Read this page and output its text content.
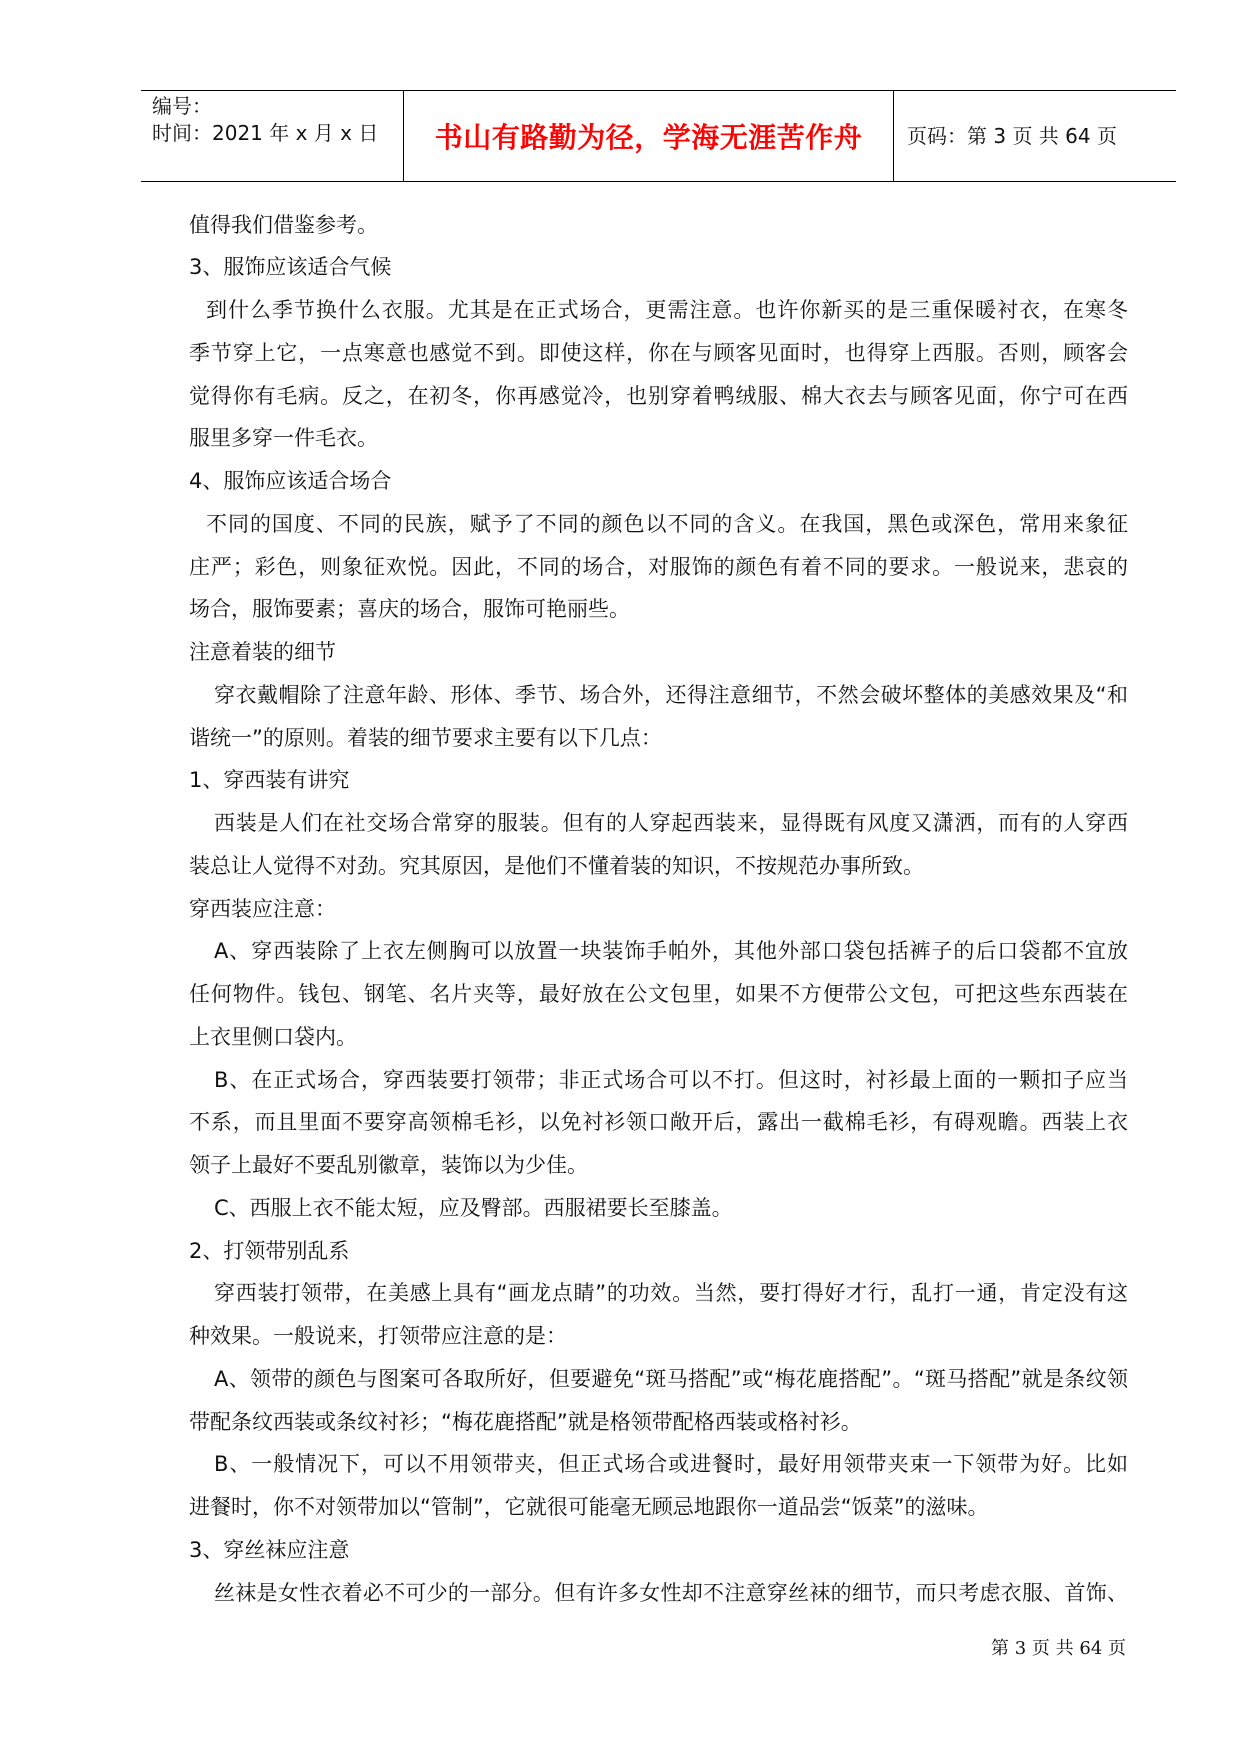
编号：
时间：2021 年 x 月 x 日 书山有路勤为径，学海无涯苦作舟 页码：第 3 页 共 64 页
值得我们借鉴参考。
3、服饰应该适合气候
到什么季节换什么衣服。尤其是在正式场合，更需注意。也许你新买的是三重保暖衬衣，在寒冬
季节穿上它，一点寒意也感觉不到。即使这样，你在与顾客见面时，也得穿上西服。否则，顾客会
觉得你有毛病。反之，在初冬，你再感觉冷，也别穿着鸭绒服、棉大衣去与顾客见面，你宁可在西
服里多穿一件毛衣。
4、服饰应该适合场合
不同的国度、不同的民族，赋予了不同的颜色以不同的含义。在我国，黑色或深色，常用来象征
庄严；彩色，则象征欢悦。因此，不同的场合，对服饰的颜色有着不同的要求。一般说来，悲哀的
场合，服饰要素；喜庆的场合，服饰可艳丽些。
注意着装的细节
穿衣戴帽除了注意年龄、形体、季节、场合外，还得注意细节，不然会破坏整体的美感效果及“和
谐统一”的原则。着装的细节要求主要有以下几点：
1、穿西装有讲究
西装是人们在社交场合常穿的服装。但有的人穿起西装来，显得既有风度又潇洒，而有的人穿西
装总让人觉得不对劲。究其原因，是他们不懂着装的知识，不按规范办事所致。
穿西装应注意：
A、穿西装除了上衣左侧胸可以放置一块装饰手帕外，其他外部口袋包括裤子的后口袋都不宜放
任何物件。钱包、钢笔、名片夹等，最好放在公文包里，如果不方便带公文包，可把这些东西装在
上衣里侧口袋内。
B、在正式场合，穿西装要打领带；非正式场合可以不打。但这时，衬衫最上面的一颗扣子应当
不系，而且里面不要穿高领棉毛衫，以免衬衫领口敞开后，露出一截棉毛衫，有碍观瞻。西装上衣
领子上最好不要乱别徽章，装饰以为少佳。
C、西服上衣不能太短，应及臀部。西服裙要长至膝盖。
2、打领带别乱系
穿西装打领带，在美感上具有“画龙点睛”的功效。当然，要打得好才行，乱打一通，肯定没有这
种效果。一般说来，打领带应注意的是：
A、领带的颜色与图案可各取所好，但要避免“斑马搭配”或“梅花鹿搭配”。“斑马搭配”就是条纹领
带配条纹西装或条纹衬衫；“梅花鹿搭配”就是格领带配格西装或格衬衫。
B、一般情况下，可以不用领带夹，但正式场合或进餐时，最好用领带夹束一下领带为好。比如
进餐时，你不对领带加以“管制”，它就很可能毫无顾忌地跟你一道品尝“饭菜”的滋味。
3、穿丝袜应注意
丝袜是女性衣着必不可少的一部分。但有许多女性却不注意穿丝袜的细节，而只考虑衣服、首饰、
第 3 页 共 64 页
